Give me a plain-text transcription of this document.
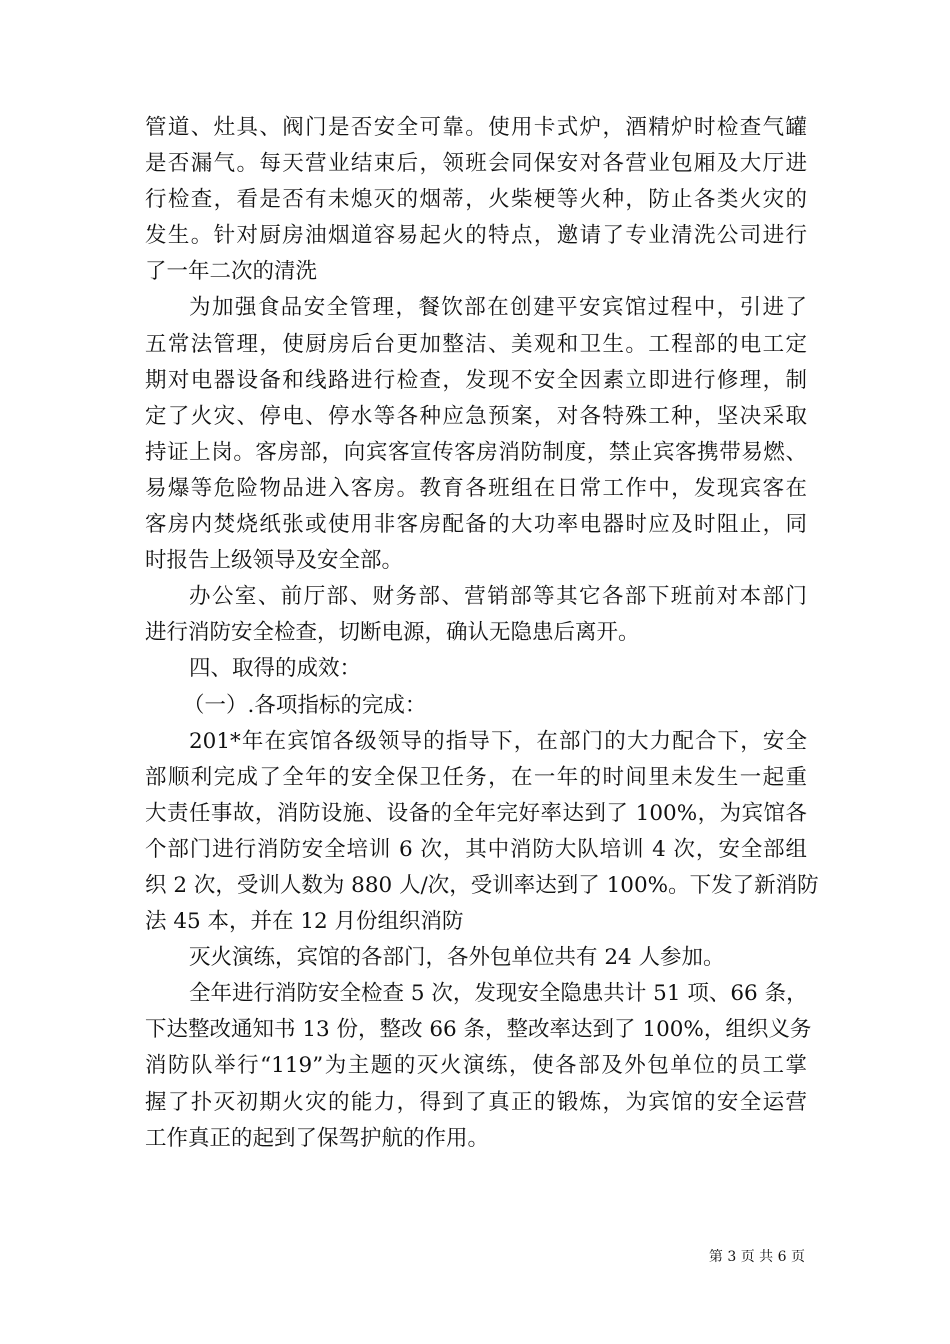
管道、灶具、阀门是否安全可靠。使用卡式炉，酒精炉时检查气罐
是否漏气。每天营业结束后，领班会同保安对各营业包厢及大厅进
行检查，看是否有未熄灭的烟蒂，火柴梗等火种，防止各类火灾的
发生。针对厨房油烟道容易起火的特点，邀请了专业清洗公司进行
了一年二次的清洗
为加强食品安全管理，餐饮部在创建平安宾馆过程中，引进了
五常法管理，使厨房后台更加整洁、美观和卫生。工程部的电工定
期对电器设备和线路进行检查，发现不安全因素立即进行修理，制
定了火灾、停电、停水等各种应急预案，对各特殊工种，坚决采取
持证上岗。客房部，向宾客宣传客房消防制度，禁止宾客携带易燃、
易爆等危险物品进入客房。教育各班组在日常工作中，发现宾客在
客房内焚烧纸张或使用非客房配备的大功率电器时应及时阻止，同
时报告上级领导及安全部。
办公室、前厅部、财务部、营销部等其它各部下班前对本部门
进行消防安全检查，切断电源，确认无隐患后离开。
四、取得的成效：
（一）.各项指标的完成：
201*年在宾馆各级领导的指导下，在部门的大力配合下，安全
部顺利完成了全年的安全保卫任务，在一年的时间里未发生一起重
大责任事故，消防设施、设备的全年完好率达到了 100%，为宾馆各
个部门进行消防安全培训 6 次，其中消防大队培训 4 次，安全部组
织 2 次，受训人数为 880 人/次，受训率达到了 100%。下发了新消防
法 45 本，并在 12 月份组织消防
灭火演练，宾馆的各部门，各外包单位共有 24 人参加。
全年进行消防安全检查 5 次，发现安全隐患共计 51 项、66 条，
下达整改通知书 13 份，整改 66 条，整改率达到了 100%，组织义务
消防队举行“119”为主题的灭火演练，使各部及外包单位的员工掌
握了扑灭初期火灾的能力，得到了真正的锻炼，为宾馆的安全运营
工作真正的起到了保驾护航的作用。
第 3 页 共 6 页
